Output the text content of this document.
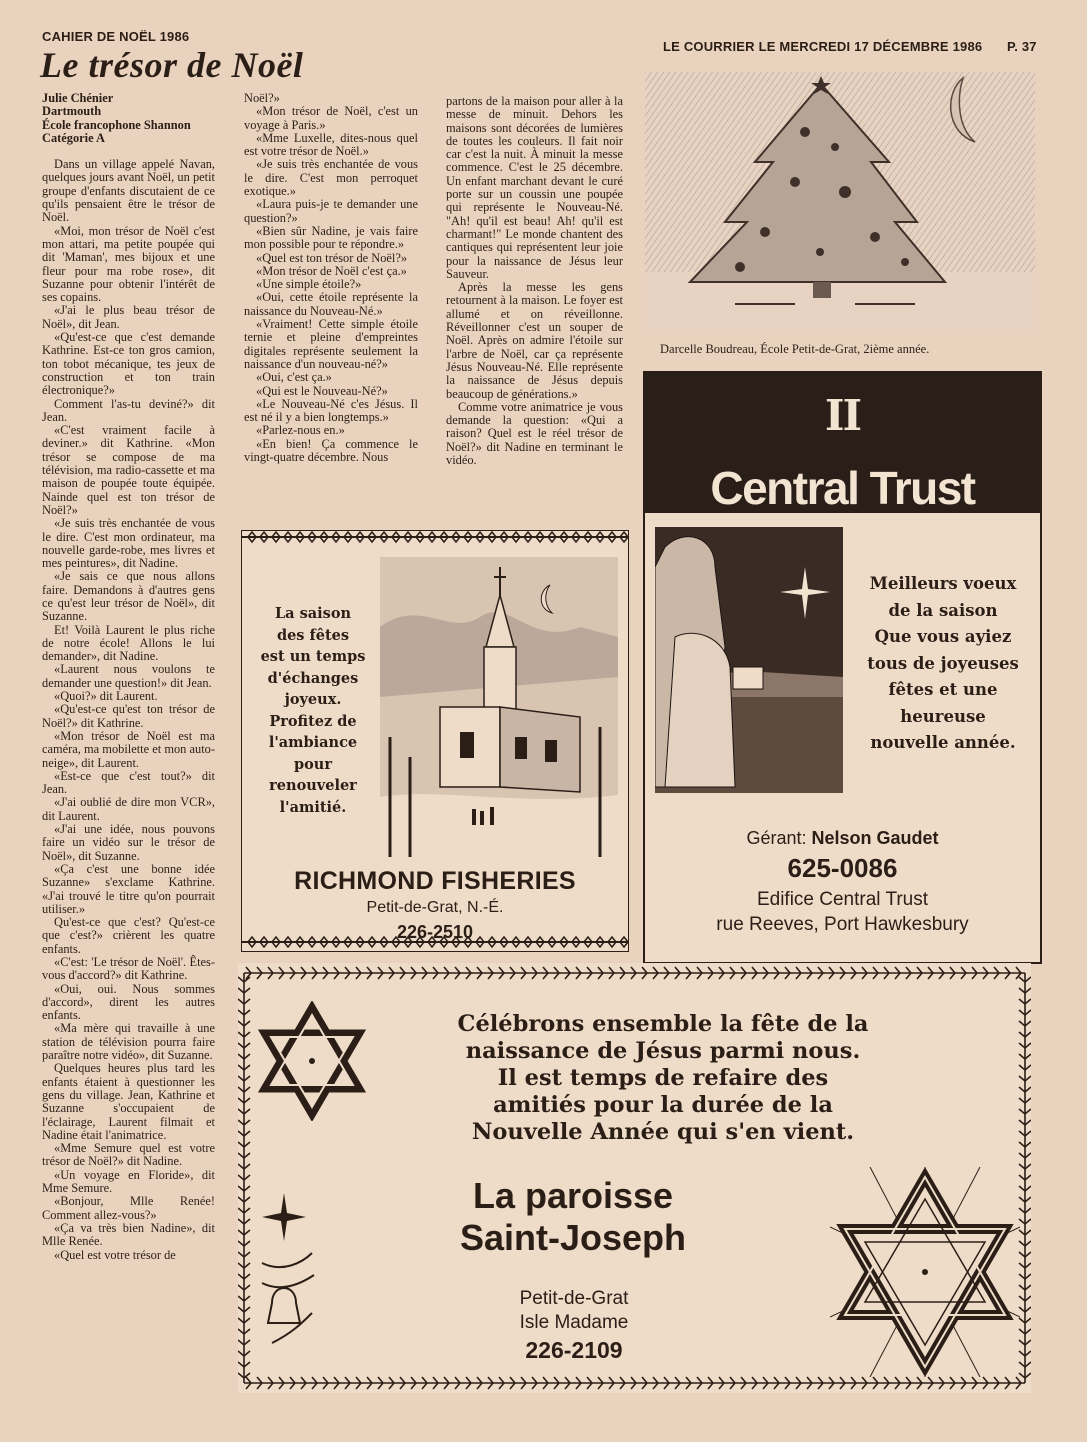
CAHIER DE NOËL 1986
LE COURRIER LE MERCREDI 17 DÉCEMBRE 1986 P. 37
Le trésor de Noël
Julie Chénier
Dartmouth
École francophone Shannon
Catégorie A

Dans un village appelé Navan, quelques jours avant Noël, un petit groupe d'enfants discutaient de ce qu'ils pensaient être le trésor de Noël.

«Moi, mon trésor de Noël c'est mon attari, ma petite poupée qui dit 'Maman', mes bijoux et une fleur pour ma robe rose», dit Suzanne pour obtenir l'intérêt de ses copains.

«J'ai le plus beau trésor de Noël», dit Jean.

«Qu'est-ce que c'est demande Kathrine. Est-ce ton gros camion, ton tobot mécanique, tes jeux de construction et ton train électronique?»

Comment l'as-tu deviné?» dit Jean.

«C'est vraiment facile à deviner.» dit Kathrine. «Mon trésor se compose de ma télévision, ma radio-cassette et ma maison de poupée toute équipée. Nainde quel est ton trésor de Noël?»

«Je suis très enchantée de vous le dire. C'est mon ordinateur, ma nouvelle garde-robe, mes livres et mes peintures», dit Nadine.

«Je sais ce que nous allons faire. Demandons à d'autres gens ce qu'est leur trésor de Noël», dit Suzanne.

Et! Voilà Laurent le plus riche de notre école! Allons le lui demander», dit Nadine.

«Laurent nous voulons te demander une question!» dit Jean.

«Quoi?» dit Laurent.

«Qu'est-ce qu'est ton trésor de Noël?» dit Kathrine.

«Mon trésor de Noël est ma caméra, ma mobilette et mon auto-neige», dit Laurent.

«Est-ce que c'est tout?» dit Jean.

«J'ai oublié de dire mon VCR», dit Laurent.

«J'ai une idée, nous pouvons faire un vidéo sur le trésor de Noël», dit Suzanne.

«Ça c'est une bonne idée Suzanne» s'exclame Kathrine. «J'ai trouvé le titre qu'on pourrait utiliser.»

Qu'est-ce que c'est? Qu'est-ce que c'est?» crièrent les quatre enfants.

«C'est: 'Le trésor de Noël'. Êtes-vous d'accord?» dit Kathrine.

«Oui, oui. Nous sommes d'accord», dirent les autres enfants.

«Ma mère qui travaille à une station de télévision pourra faire paraître notre vidéo», dit Suzanne.

Quelques heures plus tard les enfants étaient à questionner les gens du village. Jean, Kathrine et Suzanne s'occupaient de l'éclairage, Laurent filmait et Nadine était l'animatrice.

«Mme Semure quel est votre trésor de Noël?» dit Nadine.

«Un voyage en Floride», dit Mme Semure.

«Bonjour, Mlle Renée! Comment allez-vous?»

«Ça va très bien Nadine», dit Mlle Renée.

«Quel est votre trésor de

Noël?»

«Mon trésor de Noël, c'est un voyage à Paris.»

«Mme Luxelle, dites-nous quel est votre trésor de Noël.»

«Je suis très enchantée de vous le dire. C'est mon perroquet exotique.»

«Laura puis-je te demander une question?»

«Bien sûr Nadine, je vais faire mon possible pour te répondre.»

«Quel est ton trésor de Noël?»

«Mon trésor de Noël c'est ça.»

«Une simple étoile?»

«Oui, cette étoile représente la naissance du Nouveau-Né.»

«Vraiment! Cette simple étoile ternie et pleine d'empreintes digitales représente seulement la naissance d'un nouveau-né?»

«Oui, c'est ça.»

«Qui est le Nouveau-Né?»

«Le Nouveau-Né c'es Jésus. Il est né il y a bien longtemps.»

«Parlez-nous en.»

«En bien! Ça commence le vingt-quatre décembre. Nous

partons de la maison pour aller à la messe de minuit. Dehors les maisons sont décorées de lumières de toutes les couleurs. Il fait noir car c'est la nuit. À minuit la messe commence. C'est le 25 décembre. Un enfant marchant devant le curé porte sur un coussin une poupée qui représente le Nouveau-Né. "Ah! qu'il est beau! Ah! qu'il est charmant!" Le monde chantent des cantiques qui représentent leur joie pour la naissance de Jésus leur Sauveur.

Après la messe les gens retournent à la maison. Le foyer est allumé et on réveillonne. Réveillonner c'est un souper de Noël. Après on admire l'étoile sur l'arbre de Noël, car ça représente Jésus Nouveau-Né. Elle représente la naissance de Jésus depuis beaucoup de générations.»

Comme votre animatrice je vous demande la question: «Qui a raison? Quel est le réel trésor de Noël?» dit Nadine en terminant le vidéo.

Darcelle Boudreau, École Petit-de-Grat, 2ième année.
La saison
des fêtes
est un temps
d'échanges
joyeux.
Profitez de
l'ambiance
pour
renouveler
l'amitié.
RICHMOND FISHERIES
Petit-de-Grat, N.-É.
226-2510
II
Central Trust
Meilleurs voeux
de la saison
Que vous ayiez
tous de joyeuses
fêtes et une
heureuse
nouvelle année.
Gérant: Nelson Gaudet
625-0086
Edifice Central Trust
rue Reeves, Port Hawkesbury
Célébrons ensemble la fête de la
naissance de Jésus parmi nous.
Il est temps de refaire des
amitiés pour la durée de la
Nouvelle Année qui s'en vient.
La paroisse
Saint-Joseph
Petit-de-Grat
Isle Madame
226-2109
